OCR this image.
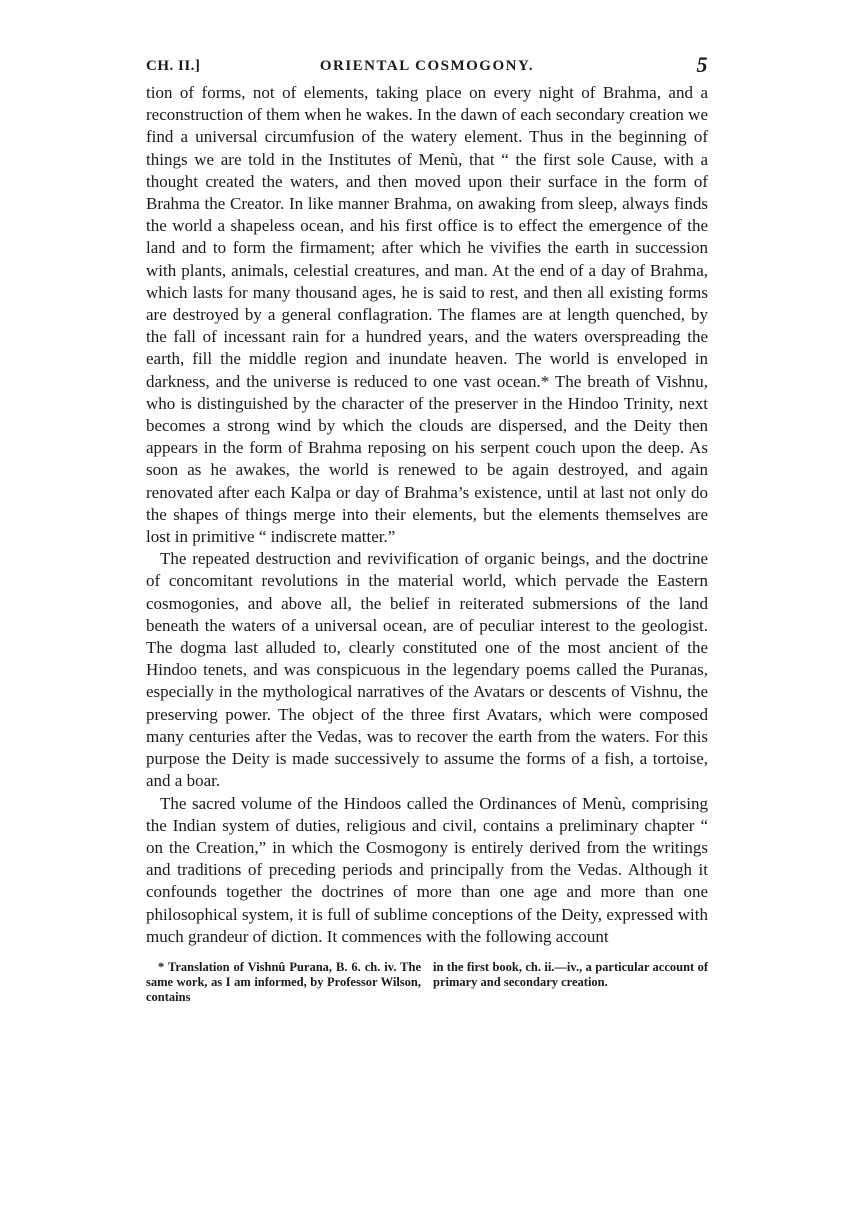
CH. II.]	ORIENTAL COSMOGONY.	5

tion of forms, not of elements, taking place on every night of Brahma, and a reconstruction of them when he wakes. In the dawn of each secondary creation we find a universal circumfusion of the watery element. Thus in the beginning of things we are told in the Institutes of Menù, that “ the first sole Cause, with a thought created the waters, and then moved upon their surface in the form of Brahma the Creator. In like manner Brahma, on awaking from sleep, always finds the world a shapeless ocean, and his first office is to effect the emergence of the land and to form the firmament; after which he vivifies the earth in succession with plants, animals, celestial creatures, and man. At the end of a day of Brahma, which lasts for many thousand ages, he is said to rest, and then all existing forms are destroyed by a general conflagration. The flames are at length quenched, by the fall of incessant rain for a hundred years, and the waters overspreading the earth, fill the middle region and inundate heaven. The world is enveloped in darkness, and the universe is reduced to one vast ocean.* The breath of Vishnu, who is distinguished by the character of the preserver in the Hindoo Trinity, next becomes a strong wind by which the clouds are dispersed, and the Deity then appears in the form of Brahma reposing on his serpent couch upon the deep. As soon as he awakes, the world is renewed to be again destroyed, and again renovated after each Kalpa or day of Brahma’s existence, until at last not only do the shapes of things merge into their elements, but the elements themselves are lost in primitive “ indiscrete matter.”

The repeated destruction and revivification of organic beings, and the doctrine of concomitant revolutions in the material world, which pervade the Eastern cosmogonies, and above all, the belief in reiterated submersions of the land beneath the waters of a universal ocean, are of peculiar interest to the geologist. The dogma last alluded to, clearly constituted one of the most ancient of the Hindoo tenets, and was conspicuous in the legendary poems called the Puranas, especially in the mythological narratives of the Avatars or descents of Vishnu, the preserving power. The object of the three first Avatars, which were composed many centuries after the Vedas, was to recover the earth from the waters. For this purpose the Deity is made successively to assume the forms of a fish, a tortoise, and a boar.

The sacred volume of the Hindoos called the Ordinances of Menù, comprising the Indian system of duties, religious and civil, contains a preliminary chapter “ on the Creation,” in which the Cosmogony is entirely derived from the writings and traditions of preceding periods and principally from the Vedas. Although it confounds together the doctrines of more than one age and more than one philosophical system, it is full of sublime conceptions of the Deity, expressed with much grandeur of diction. It commences with the following account

* Translation of Vishnû Purana, B. 6. ch. iv. The same work, as I am informed, by Professor Wilson, contains
in the first book, ch. ii.—iv., a particular account of primary and secondary creation.
